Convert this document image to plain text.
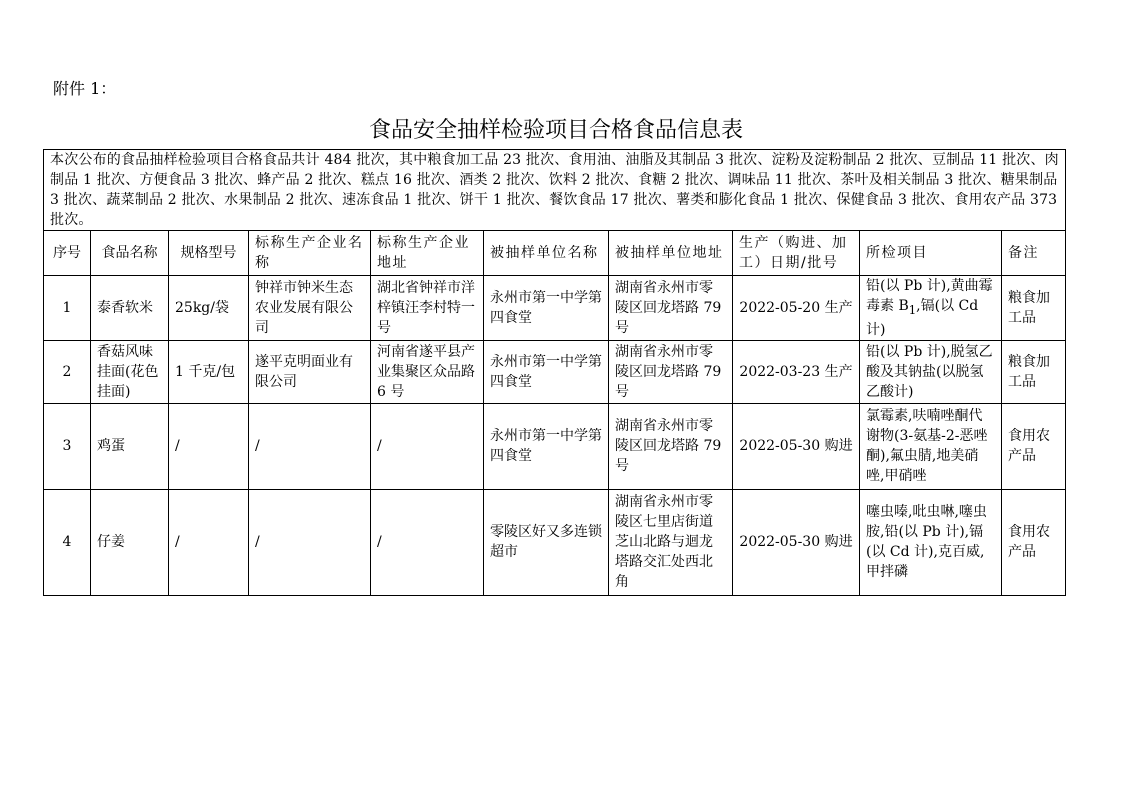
附件 1：
食品安全抽样检验项目合格食品信息表
本次公布的食品抽样检验项目合格食品共计 484 批次，其中粮食加工品 23 批次、食用油、油脂及其制品 3 批次、淀粉及淀粉制品 2 批次、豆制品 11 批次、肉制品 1 批次、方便食品 3 批次、蜂产品 2 批次、糕点 16 批次、酒类 2 批次、饮料 2 批次、食糖 2 批次、调味品 11 批次、茶叶及相关制品 3 批次、糖果制品 3 批次、蔬菜制品 2 批次、水果制品 2 批次、速冻食品 1 批次、饼干 1 批次、餐饮食品 17 批次、薯类和膨化食品 1 批次、保健食品 3 批次、食用农产品 373 批次。									
序号	食品名称	规格型号	标称生产企业名称	标称生产企业地址	被抽样单位名称	被抽样单位地址	生产（购进、加工）日期/批号	所检项目	备注
1	泰香软米	25kg/袋	钟祥市钟米生态农业发展有限公司	湖北省钟祥市洋梓镇汪李村特一号	永州市第一中学第四食堂	湖南省永州市零陵区回龙塔路 79 号	2022-05-20 生产	铅(以 Pb 计),黄曲霉毒素 $B_1$,镉(以 Cd 计)	粮食加工品
2	香菇风味挂面(花色挂面)	1 千克/包	遂平克明面业有限公司	河南省遂平县产业集聚区众品路 6 号	永州市第一中学第四食堂	湖南省永州市零陵区回龙塔路 79 号	2022-03-23 生产	铅(以 Pb 计),脱氢乙酸及其钠盐(以脱氢乙酸计)	粮食加工品
3	鸡蛋	/	/	/	永州市第一中学第四食堂	湖南省永州市零陵区回龙塔路 79 号	2022-05-30 购进	氯霉素,呋喃唑酮代谢物(3-氨基-2-恶唑酮),氟虫腈,地美硝唑,甲硝唑	食用农产品
4	仔姜	/	/	/	零陵区好又多连锁超市	湖南省永州市零陵区七里店街道芝山北路与迴龙塔路交汇处西北角	2022-05-30 购进	噻虫嗪,吡虫啉,噻虫胺,铅(以 Pb 计),镉(以 Cd 计),克百威,甲拌磷	食用农产品
